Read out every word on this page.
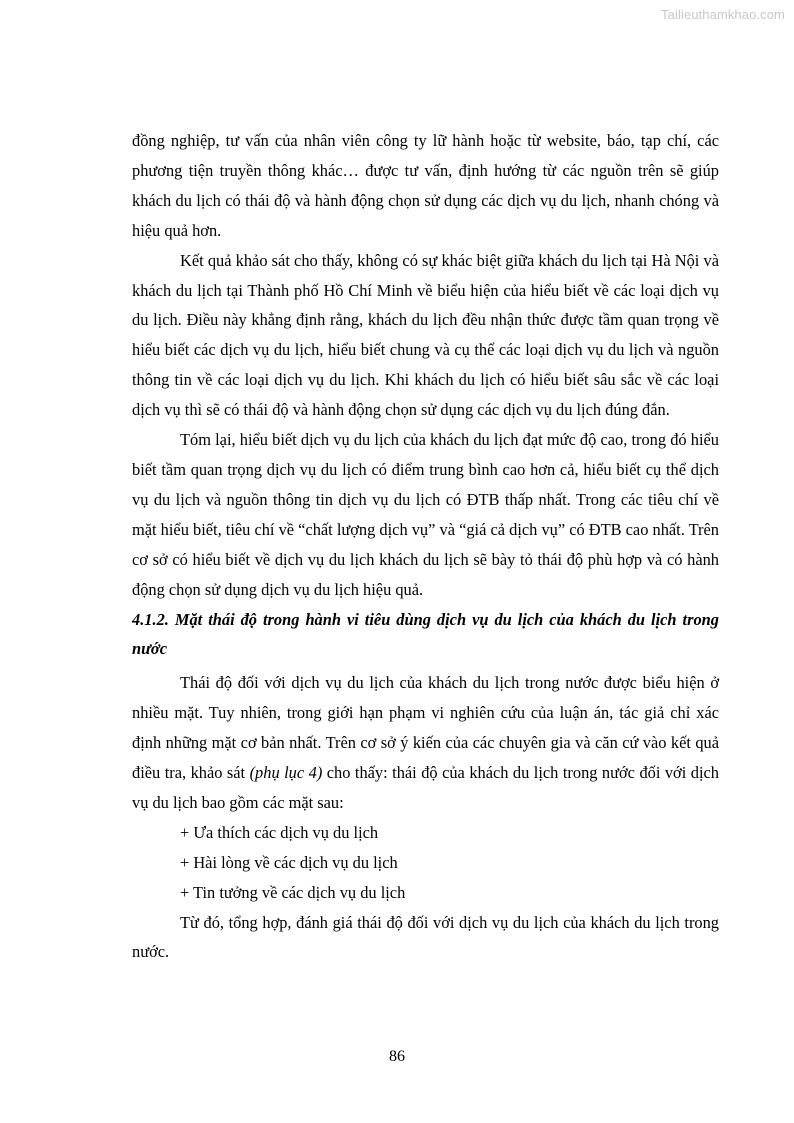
Tailieuthamkhao.com

đồng nghiệp, tư vấn của nhân viên công ty lữ hành hoặc từ website, báo, tạp chí, các phương tiện truyền thông khác… được tư vấn, định hướng từ các nguồn trên sẽ giúp khách du lịch có thái độ và hành động chọn sử dụng các dịch vụ du lịch, nhanh chóng và hiệu quả hơn.

Kết quả khảo sát cho thấy, không có sự khác biệt giữa khách du lịch tại Hà Nội và khách du lịch tại Thành phố Hồ Chí Minh về biểu hiện của hiểu biết về các loại dịch vụ du lịch. Điều này khẳng định rằng, khách du lịch đều nhận thức được tầm quan trọng về hiểu biết các dịch vụ du lịch, hiểu biết chung và cụ thể các loại dịch vụ du lịch và nguồn thông tin về các loại dịch vụ du lịch. Khi khách du lịch có hiểu biết sâu sắc về các loại dịch vụ thì sẽ có thái độ và hành động chọn sử dụng các dịch vụ du lịch đúng đắn.

Tóm lại, hiểu biết dịch vụ du lịch của khách du lịch đạt mức độ cao, trong đó hiểu biết tầm quan trọng dịch vụ du lịch có điểm trung bình cao hơn cả, hiểu biết cụ thể dịch vụ du lịch và nguồn thông tin dịch vụ du lịch có ĐTB thấp nhất. Trong các tiêu chí về mặt hiểu biết, tiêu chí về “chất lượng dịch vụ” và “giá cả dịch vụ” có ĐTB cao nhất. Trên cơ sở có hiểu biết về dịch vụ du lịch khách du lịch sẽ bày tỏ thái độ phù hợp và có hành động chọn sử dụng dịch vụ du lịch hiệu quả.

4.1.2. Mặt thái độ trong hành vi tiêu dùng dịch vụ du lịch của khách du lịch trong nước

Thái độ đối với dịch vụ du lịch của khách du lịch trong nước được biểu hiện ở nhiều mặt. Tuy nhiên, trong giới hạn phạm vi nghiên cứu của luận án, tác giả chỉ xác định những mặt cơ bản nhất. Trên cơ sở ý kiến của các chuyên gia và căn cứ vào kết quả điều tra, khảo sát (phụ lục 4) cho thấy: thái độ của khách du lịch trong nước đối với dịch vụ du lịch bao gồm các mặt sau:

+ Ưa thích các dịch vụ du lịch

+ Hài lòng về các dịch vụ du lịch

+ Tin tưởng về các dịch vụ du lịch

Từ đó, tổng hợp, đánh giá thái độ đối với dịch vụ du lịch của khách du lịch trong nước.

86
